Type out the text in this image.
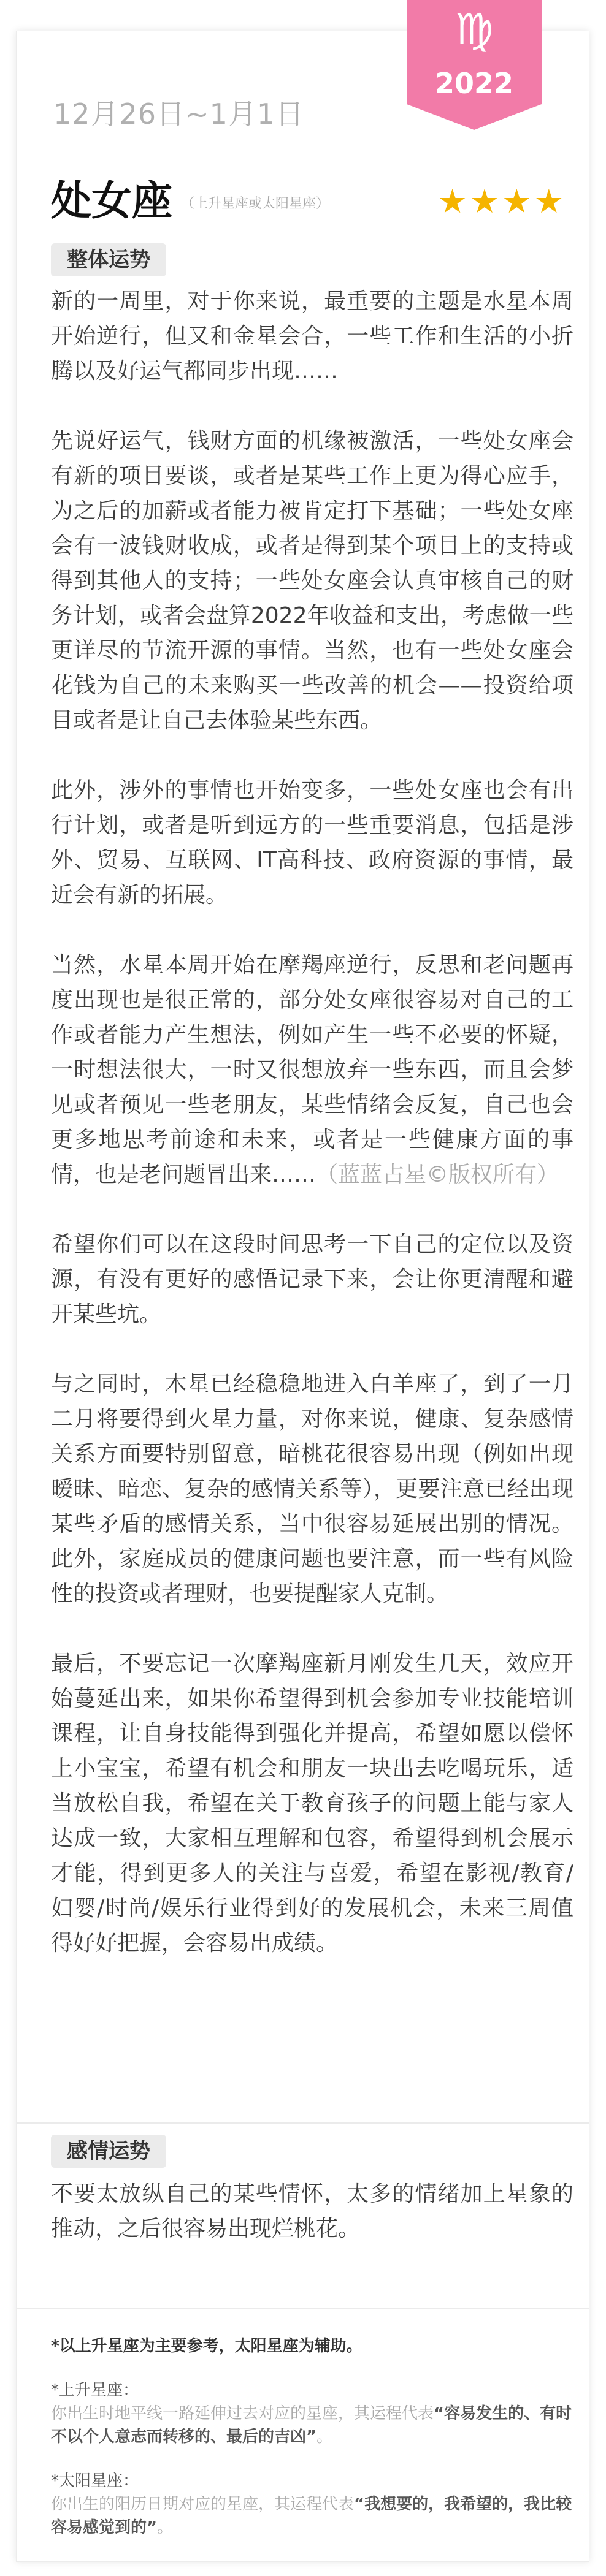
12月26日~1月1日
处女座 （上升星座或太阳星座）	★★★★
整体运势

新的一周里，对于你来说，最重要的主题是水星本周开始逆行，但又和金星会合，一些工作和生活的小折腾以及好运气都同步出现……

先说好运气，钱财方面的机缘被激活，一些处女座会有新的项目要谈，或者是某些工作上更为得心应手，为之后的加薪或者能力被肯定打下基础；一些处女座会有一波钱财收成，或者是得到某个项目上的支持或得到其他人的支持；一些处女座会认真审核自己的财务计划，或者会盘算2022年收益和支出，考虑做一些更详尽的节流开源的事情。当然，也有一些处女座会花钱为自己的未来购买一些改善的机会——投资给项目或者是让自己去体验某些东西。

此外，涉外的事情也开始变多，一些处女座也会有出行计划，或者是听到远方的一些重要消息，包括是涉外、贸易、互联网、IT高科技、政府资源的事情，最近会有新的拓展。

当然，水星本周开始在摩羯座逆行，反思和老问题再度出现也是很正常的，部分处女座很容易对自己的工作或者能力产生想法，例如产生一些不必要的怀疑，一时想法很大，一时又很想放弃一些东西，而且会梦见或者预见一些老朋友，某些情绪会反复，自己也会更多地思考前途和未来，或者是一些健康方面的事情，也是老问题冒出来……（蓝蓝占星©版权所有）

希望你们可以在这段时间思考一下自己的定位以及资源，有没有更好的感悟记录下来，会让你更清醒和避开某些坑。

与之同时，木星已经稳稳地进入白羊座了，到了一月二月将要得到火星力量，对你来说，健康、复杂感情关系方面要特别留意，暗桃花很容易出现（例如出现暧昧、暗恋、复杂的感情关系等），更要注意已经出现某些矛盾的感情关系，当中很容易延展出别的情况。此外，家庭成员的健康问题也要注意，而一些有风险性的投资或者理财，也要提醒家人克制。

最后，不要忘记一次摩羯座新月刚发生几天，效应开始蔓延出来，如果你希望得到机会参加专业技能培训课程，让自身技能得到强化并提高，希望如愿以偿怀上小宝宝，希望有机会和朋友一块出去吃喝玩乐，适当放松自我，希望在关于教育孩子的问题上能与家人达成一致，大家相互理解和包容，希望得到机会展示才能，得到更多人的关注与喜爱，希望在影视/教育/妇婴/时尚/娱乐行业得到好的发展机会，未来三周值得好好把握，会容易出成绩。

感情运势

不要太放纵自己的某些情怀，太多的情绪加上星象的推动，之后很容易出现烂桃花。

*以上升星座为主要参考，太阳星座为辅助。
*上升星座：
你出生时地平线一路延伸过去对应的星座，其运程代表“容易发生的、有时不以个人意志而转移的、最后的吉凶”。
*太阳星座：
你出生的阳历日期对应的星座，其运程代表“我想要的，我希望的，我比较容易感觉到的”。
♍
2022
